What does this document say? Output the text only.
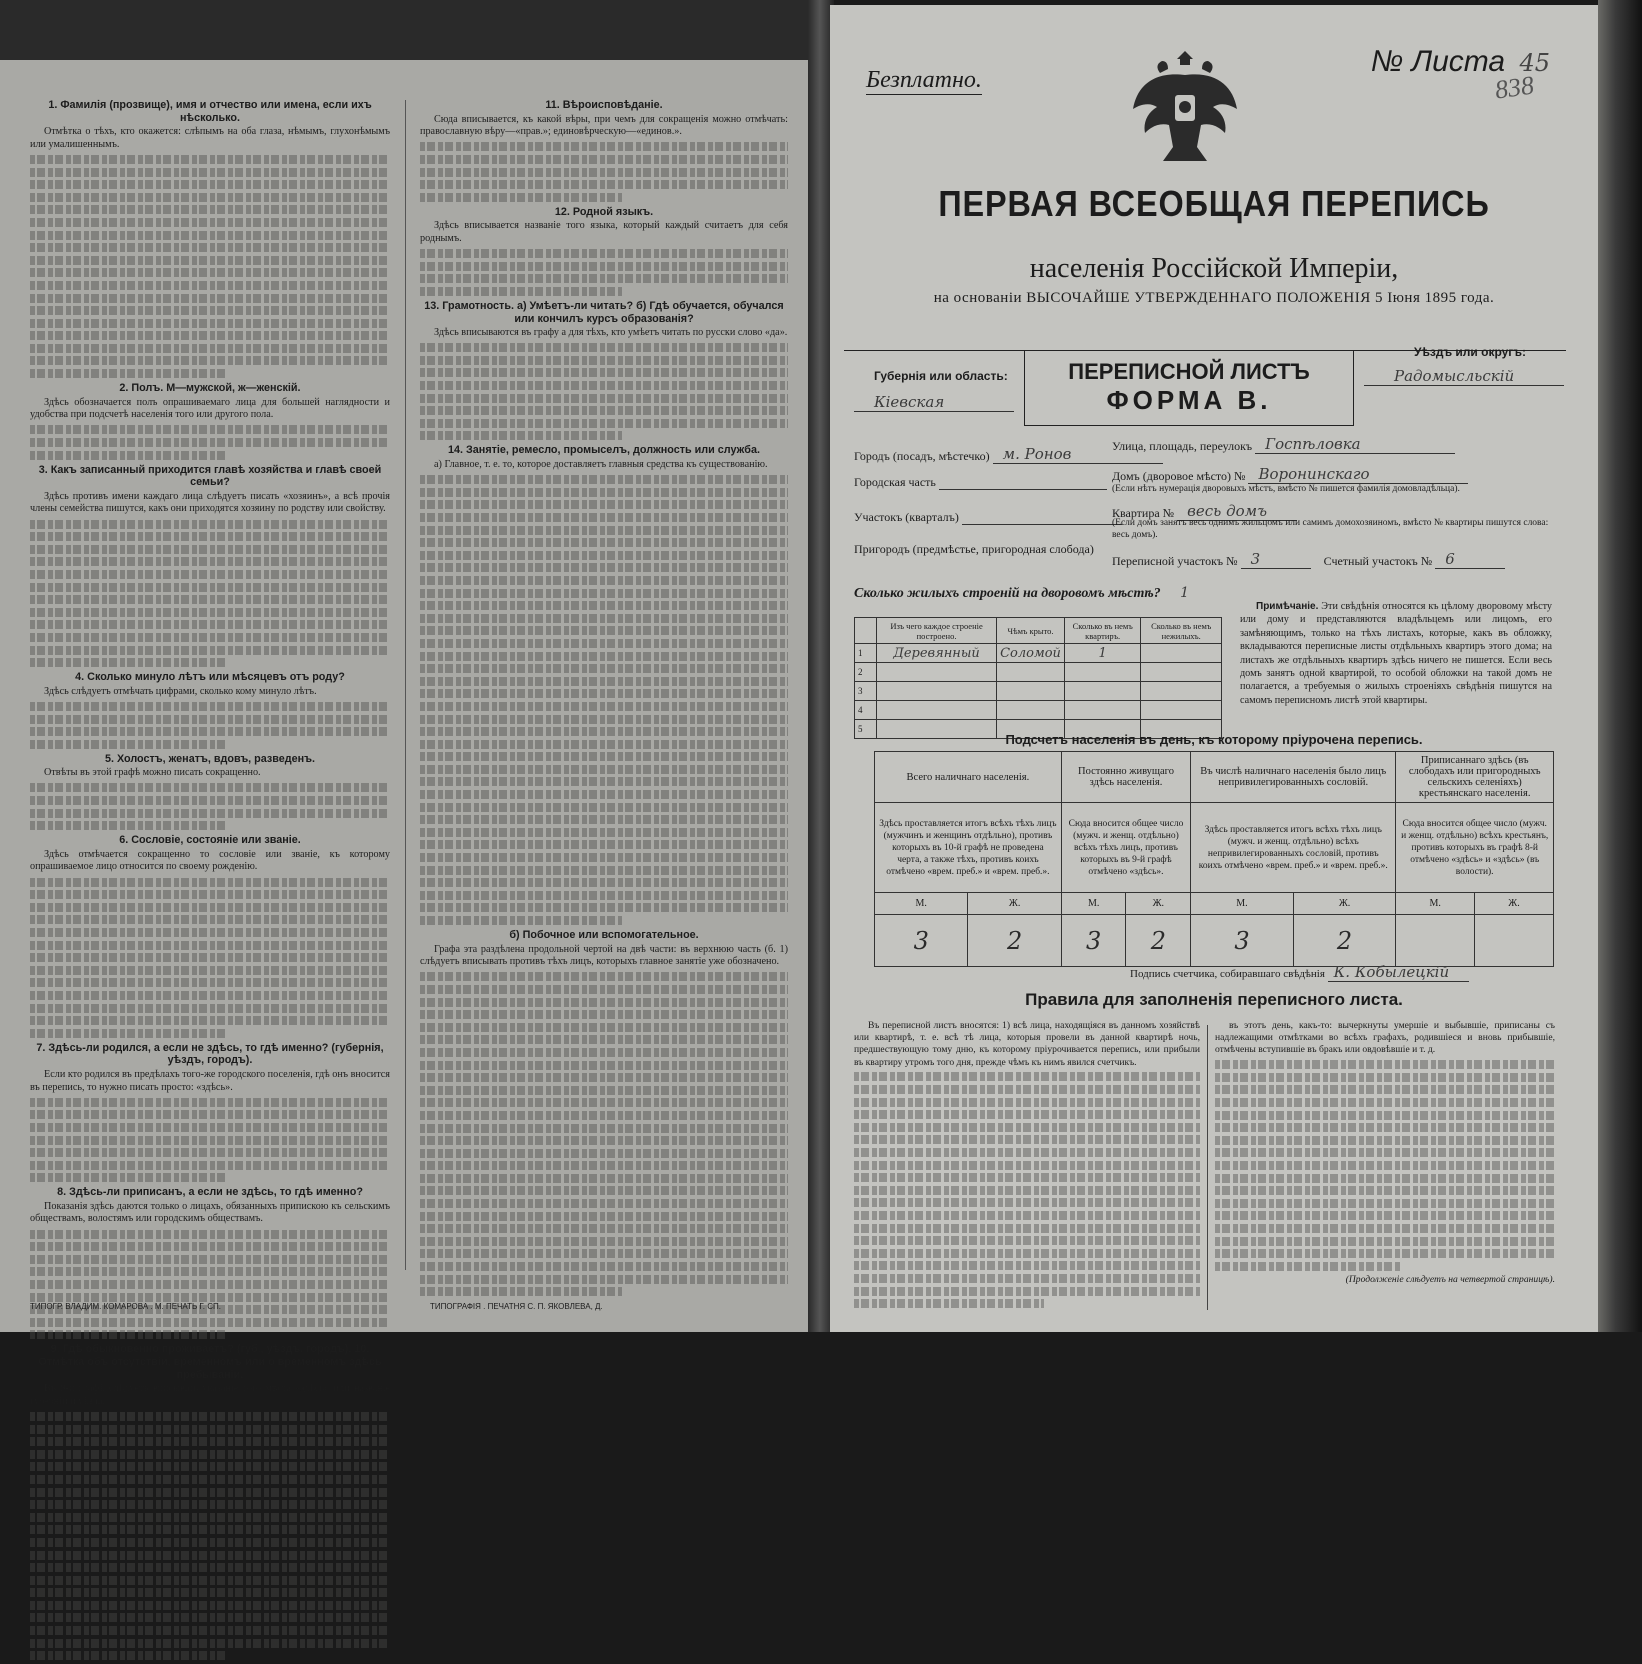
1. Фамилія (прозвище), имя и отчество или имена, если ихъ нѣсколько.
Отмѣтка о тѣхъ, кто окажется: слѣпымъ на оба глаза, нѣмымъ, глухонѣмымъ или умалишеннымъ.
2. Полъ. М—мужской, ж—женскій.
Здѣсь обозначается полъ опрашиваемаго лица для большей наглядности и удобства при подсчетѣ населенія того или другого пола.
3. Какъ записанный приходится главѣ хозяйства и главѣ своей семьи?
Здѣсь противъ имени каждаго лица слѣдуетъ писать «хозяинъ», а всѣ прочія члены семейства пишутся, какъ они приходятся хозяину по родству или свойству.
4. Сколько минуло лѣтъ или мѣсяцевъ отъ роду?
Здѣсь слѣдуетъ отмѣчать цифрами, сколько кому минуло лѣтъ.
5. Холостъ, женатъ, вдовъ, разведенъ.
Отвѣты въ этой графѣ можно писать сокращенно.
6. Сословіе, состояніе или званіе.
Здѣсь отмѣчается сокращенно то сословіе или званіе, къ которому опрашиваемое лицо относится по своему рожденію.
7. Здѣсь-ли родился, а если не здѣсь, то гдѣ именно? (губернія, уѣздъ, городъ).
Если кто родился въ предѣлахъ того-же городского поселенія, гдѣ онъ вносится въ перепись, то нужно писать просто: «здѣсь».
8. Здѣсь-ли приписанъ, а если не здѣсь, то гдѣ именно?
Показанія здѣсь даются только о лицахъ, обязанныхъ припискою къ сельскимъ обществамъ, волостямъ или городскимъ обществамъ.
9. Гдѣ обыкновенно проживаетъ? (губ., уѣздъ, городъ). 10. Отмѣтка объ отсутствіи, временномъ или о временномъ здѣсь пребываніи.
Въ 9-й графѣ слѣдуетъ вписывать указаніе того мѣста «здѣсь» или названіе губерніи и уѣзда.
11. Вѣроисповѣданіе.
Сюда вписывается, къ какой вѣры, при чемъ для сокращенія можно отмѣчать: православную вѣру—«прав.»; единовѣрческую—«единов.».
12. Родной языкъ.
Здѣсь вписывается названіе того языка, который каждый считаетъ для себя роднымъ.
13. Грамотность. а) Умѣетъ-ли читать? б) Гдѣ обучается, обучался или кончилъ курсъ образованія?
Здѣсь вписываются въ графу а для тѣхъ, кто умѣетъ читать по русски слово «да».
14. Занятіе, ремесло, промыселъ, должность или служба.
а) Главное, т. е. то, которое доставляетъ главныя средства къ существованію.
б) Побочное или вспомогательное.
Графа эта раздѣлена продольной чертой на двѣ части: въ верхнюю часть (б. 1) слѣдуетъ вписывать противъ тѣхъ лицъ, которыхъ главное занятіе уже обозначено.
ТИПОГР. ВЛАДИМ. КОМАРОВА . М. ПЕЧАТЬ Г. СП.	ТИПОГРАФІЯ . ПЕЧАТНЯ С. П. ЯКОВЛЕВА, Д.
Безплатно.
№ Листа 45
838
ПЕРВАЯ ВСЕОБЩАЯ ПЕРЕПИСЬ
населенія Россійской Имперіи,
на основаніи ВЫСОЧАЙШЕ УТВЕРЖДЕННАГО ПОЛОЖЕНІЯ 5 Іюня 1895 года.
Губернія или область:
Кіевская
ПЕРЕПИСНОЙ ЛИСТЪ
ФОРМА В.
Уѣздъ или округъ:
Радомысльскій
Городъ (посадъ, мѣстечко) м. Ронов
Городская часть
Участокъ (кварталъ)
Пригородъ (предмѣстье, пригородная слобода)
Улица, площадь, переулокъ Госпѣловка
Домъ (дворовое мѣсто) № Воронинскаго
(Если нѣтъ нумерація дворовыхъ мѣстъ, вмѣсто № пишется фамилія домовладѣльца).
Квартира № весь домъ
(Если домъ занятъ весь однимъ жильцомъ или самимъ домохозяиномъ, вмѣсто № квартиры пишутся слова: весь домъ).
Переписной участокъ № 3	Счетный участокъ № 6
Сколько жилыхъ строеній на дворовомъ мѣстѣ? 1
	Изъ чего каждое строеніе построено.	Чѣмъ крыто.	Сколько въ немъ квартиръ.	Сколько въ немъ нежилыхъ.
1	Деревянный	Соломой	1	
2				
3				
4				
5				
Примѣчаніе. Эти свѣдѣнія относятся къ цѣлому дворовому мѣсту или дому и представляются владѣльцемъ или лицомъ, его замѣняющимъ, только на тѣхъ листахъ, которые, какъ въ обложку, вкладываются переписные листы отдѣльныхъ квартиръ этого дома; на листахъ же отдѣльныхъ квартиръ здѣсь ничего не пишется. Если весь домъ занятъ одной квартирой, то особой обложки на такой домъ не полагается, а требуемыя о жилыхъ строеніяхъ свѣдѣнія пишутся на самомъ переписномъ листѣ этой квартиры.
Подсчетъ населенія въ день, къ которому пріурочена перепись.
Всего наличнаго населенія.		Постоянно живущаго здѣсь населенія.		Въ числѣ наличнаго населенія было лицъ непривилегированныхъ сословій.		Приписаннаго здѣсь (въ слободахъ или пригородныхъ сельскихъ селеніяхъ) крестьянскаго населенія.	
Здѣсь проставляется итогъ всѣхъ тѣхъ лицъ (мужчинъ и женщинъ отдѣльно), противъ которыхъ въ 10-й графѣ не проведена черта, а также тѣхъ, противъ коихъ отмѣчено «врем. преб.» и «врем. преб.».		Сюда вносится общее число (мужч. и женщ. отдѣльно) всѣхъ тѣхъ лицъ, противъ которыхъ въ 9-й графѣ отмѣчено «здѣсь».		Здѣсь проставляется итогъ всѣхъ тѣхъ лицъ (мужч. и женщ. отдѣльно) всѣхъ непривилегированныхъ сословій, противъ коихъ отмѣчено «врем. преб.» и «врем. преб.».		Сюда вносится общее число (мужч. и женщ. отдѣльно) всѣхъ крестьянъ, противъ которыхъ въ графѣ 8-й отмѣчено «здѣсь» и «здѣсь» (въ волости).	
М.	Ж.	М.	Ж.	М.	Ж.	М.	Ж.
3	2	3	2	3	2		
Подпись счетчика, собиравшаго свѣдѣнія К. Кобылецкій
Правила для заполненія переписного листа.
Въ переписной листъ вносятся: 1) всѣ лица, находящіяся въ данномъ хозяйствѣ или квартирѣ, т. е. всѣ тѣ лица, которыя провели въ данной квартирѣ ночь, предшествующую тому дню, къ которому пріурочивается перепись, или прибыли въ квартиру утромъ того дня, прежде чѣмъ къ нимъ явился счетчикъ.
въ этотъ день, какъ-то: вычеркнуты умершіе и выбывшіе, приписаны съ надлежащими отмѣтками во всѣхъ графахъ, родившіеся и вновь прибывшіе, отмѣчены вступившіе въ бракъ или овдовѣвшіе и т. д.
(Продолженіе слѣдуетъ на четвертой страницѣ).
